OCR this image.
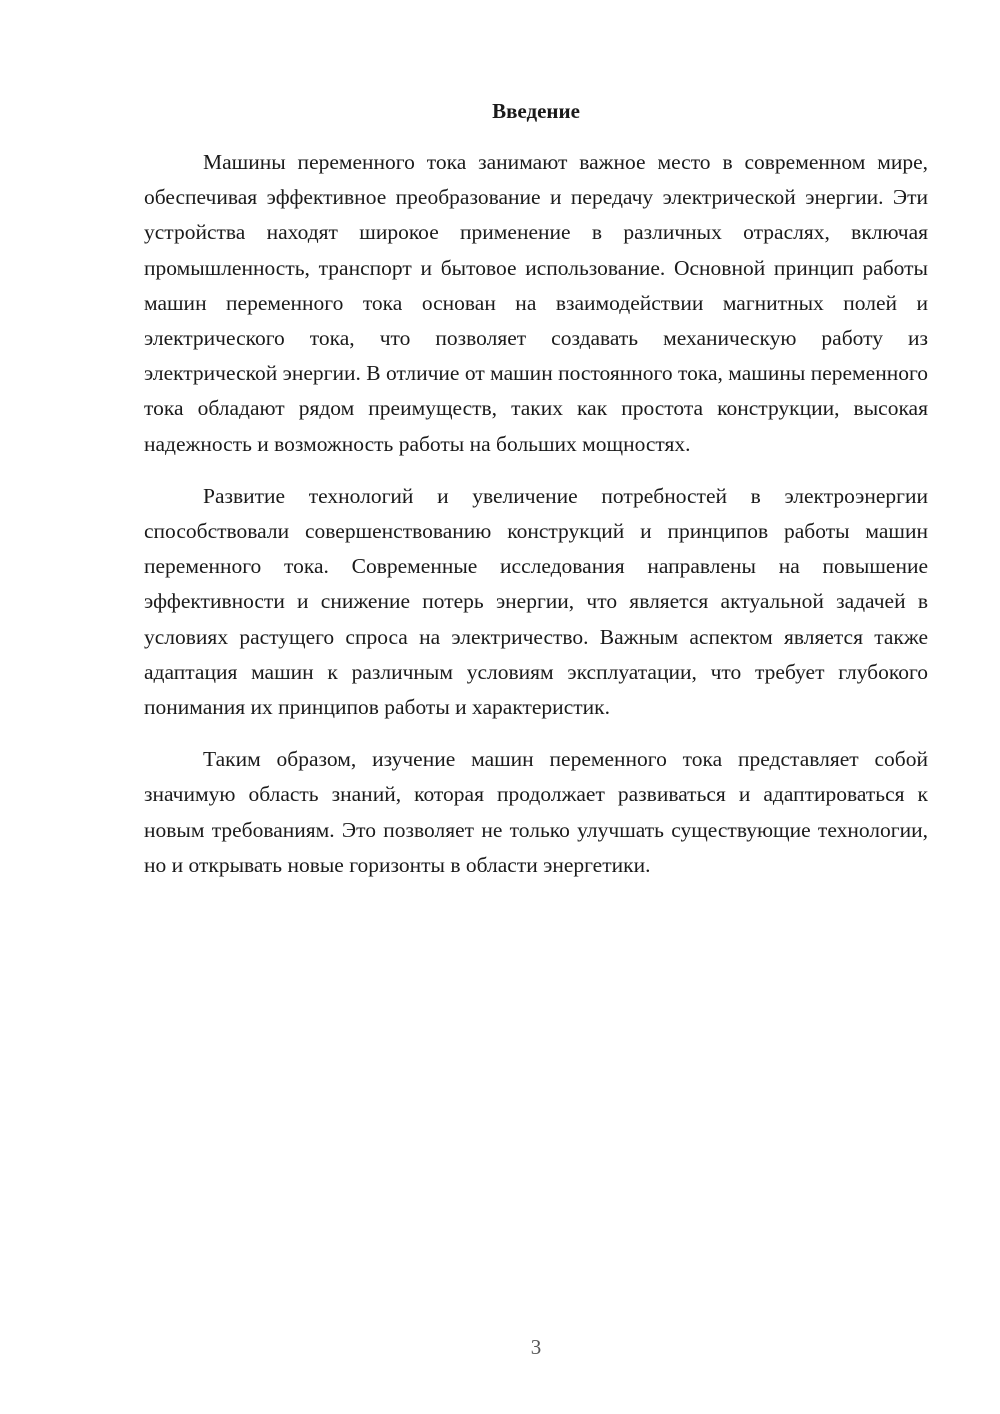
Введение

Машины переменного тока занимают важное место в современном мире, обеспечивая эффективное преобразование и передачу электрической энергии. Эти устройства находят широкое применение в различных отраслях, включая промышленность, транспорт и бытовое использование. Основной принцип работы машин переменного тока основан на взаимодействии магнитных полей и электрического тока, что позволяет создавать механическую работу из электрической энергии. В отличие от машин постоянного тока, машины переменного тока обладают рядом преимуществ, таких как простота конструкции, высокая надежность и возможность работы на больших мощностях.

Развитие технологий и увеличение потребностей в электроэнергии способствовали совершенствованию конструкций и принципов работы машин переменного тока. Современные исследования направлены на повышение эффективности и снижение потерь энергии, что является актуальной задачей в условиях растущего спроса на электричество. Важным аспектом является также адаптация машин к различным условиям эксплуатации, что требует глубокого понимания их принципов работы и характеристик.

Таким образом, изучение машин переменного тока представляет собой значимую область знаний, которая продолжает развиваться и адаптироваться к новым требованиям. Это позволяет не только улучшать существующие технологии, но и открывать новые горизонты в области энергетики.

3
